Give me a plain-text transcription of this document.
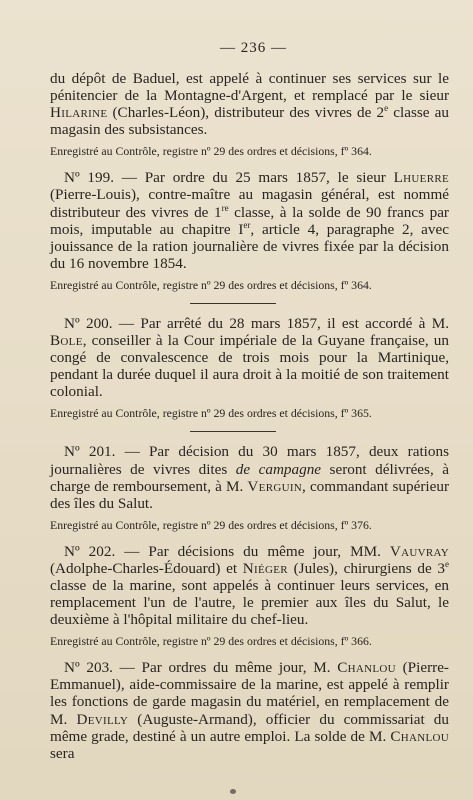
— 236 —

du dépôt de Baduel, est appelé à continuer ses services sur le pénitencier de la Montagne-d'Argent, et remplacé par le sieur Hilarine (Charles-Léon), distributeur des vivres de 2e classe au magasin des subsistances.

Enregistré au Contrôle, registre nº 29 des ordres et décisions, fº 364.

Nº 199. — Par ordre du 25 mars 1857, le sieur Lhuerre (Pierre-Louis), contre-maître au magasin général, est nommé distributeur des vivres de 1re classe, à la solde de 90 francs par mois, imputable au chapitre Ier, article 4, paragraphe 2, avec jouissance de la ration journalière de vivres fixée par la décision du 16 novembre 1854.

Enregistré au Contrôle, registre nº 29 des ordres et décisions, fº 364.

Nº 200. — Par arrêté du 28 mars 1857, il est accordé à M. Bole, conseiller à la Cour impériale de la Guyane française, un congé de convalescence de trois mois pour la Martinique, pendant la durée duquel il aura droit à la moitié de son traitement colonial.

Enregistré au Contrôle, registre nº 29 des ordres et décisions, fº 365.

Nº 201. — Par décision du 30 mars 1857, deux rations journalières de vivres dites de campagne seront délivrées, à charge de remboursement, à M. Verguin, commandant supérieur des îles du Salut.

Enregistré au Contrôle, registre nº 29 des ordres et décisions, fº 376.

Nº 202. — Par décisions du même jour, MM. Vauvray (Adolphe-Charles-Édouard) et Niéger (Jules), chirurgiens de 3e classe de la marine, sont appelés à continuer leurs services, en remplacement l'un de l'autre, le premier aux îles du Salut, le deuxième à l'hôpital militaire du chef-lieu.

Enregistré au Contrôle, registre nº 29 des ordres et décisions, fº 366.

Nº 203. — Par ordres du même jour, M. Chanlou (Pierre-Emmanuel), aide-commissaire de la marine, est appelé à remplir les fonctions de garde magasin du matériel, en remplacement de M. Devilly (Auguste-Armand), officier du commissariat du même grade, destiné à un autre emploi. La solde de M. Chanlou sera
